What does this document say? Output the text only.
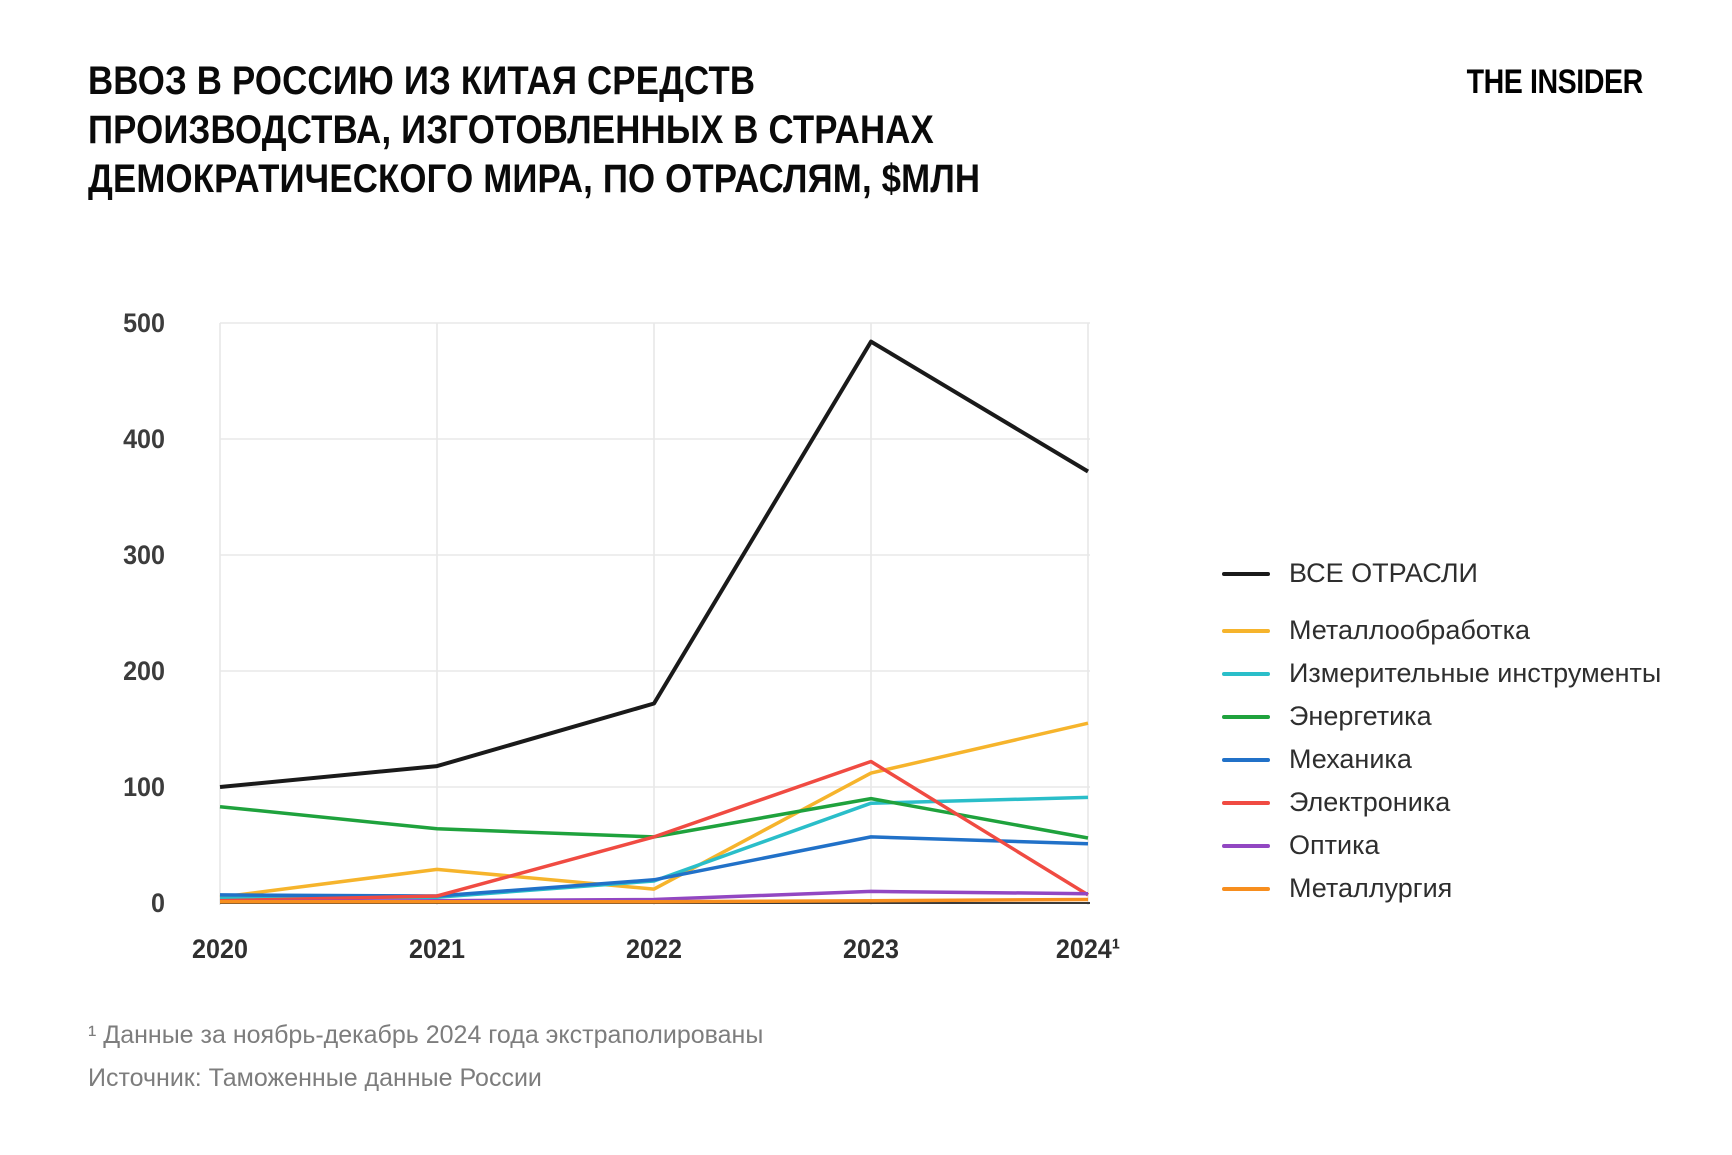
ВВОЗ В РОССИЮ ИЗ КИТАЯ СРЕДСТВ
ПРОИЗВОДСТВА, ИЗГОТОВЛЕННЫХ В СТРАНАХ
ДЕМОКРАТИЧЕСКОГО МИРА, ПО ОТРАСЛЯМ, $МЛН
THE INSIDER
0
100
200
300
400
500
2020	2021	2022	2023	2024¹
ВСЕ ОТРАСЛИ
Металлообработка
Измерительные инструменты
Энергетика
Механика
Электроника
Оптика
Металлургия
¹ Данные за ноябрь-декабрь 2024 года экстраполированы
Источник: Таможенные данные России
